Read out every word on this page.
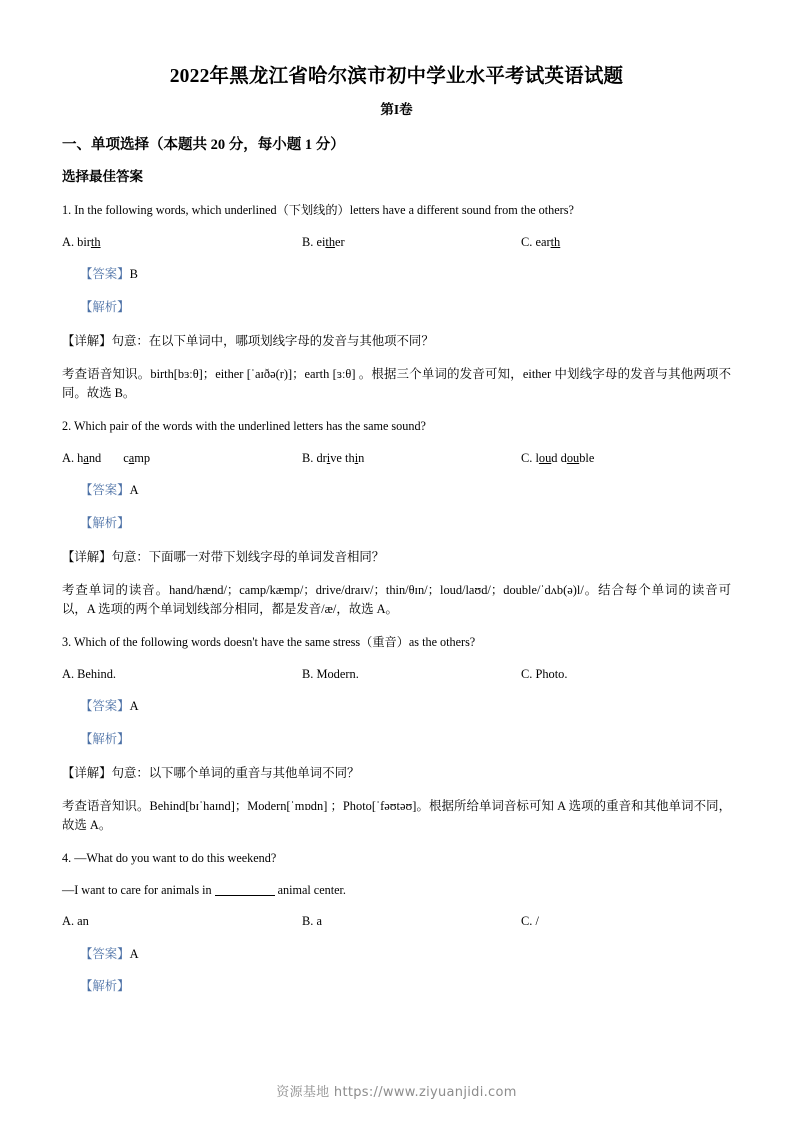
2022年黑龙江省哈尔滨市初中学业水平考试英语试题
第I卷
一、单项选择（本题共 20 分，每小题 1 分）
选择最佳答案

1. In the following words, which underlined（下划线的）letters have a different sound from the others?

A. birth	B. either	C. earth

【答案】B

【解析】

【详解】句意：在以下单词中，哪项划线字母的发音与其他项不同？

考查语音知识。birth[bɜːθ]；either [ˈaɪðə(r)]；earth [ɜːθ] 。根据三个单词的发音可知，either 中划线字母的发音与其他两项不同。故选 B。

2. Which pair of the words with the underlined letters has the same sound?

A. hand camp	B. drive thin	C. loud double

【答案】A

【解析】

【详解】句意：下面哪一对带下划线字母的单词发音相同？

考查单词的读音。hand/hænd/；camp/kæmp/；drive/draɪv/；thin/θɪn/；loud/laʊd/；double/ˈdʌb(ə)l/。结合每个单词的读音可以，A 选项的两个单词划线部分相同，都是发音/æ/，故选 A。

3. Which of the following words doesn't have the same stress（重音）as the others?

A. Behind.	B. Modern.	C. Photo.

【答案】A

【解析】

【详解】句意：以下哪个单词的重音与其他单词不同？

考查语音知识。Behind[bɪˈhaɪnd]；Modern[ˈmɒdn] ；Photo[ˈfəʊtəʊ]。根据所给单词音标可知 A 选项的重音和其他单词不同，故选 A。

4. —What do you want to do this weekend?

—I want to care for animals in	animal center.

A. an	B. a	C. /

【答案】A

【解析】

资源基地 https://www.ziyuanjidi.com
